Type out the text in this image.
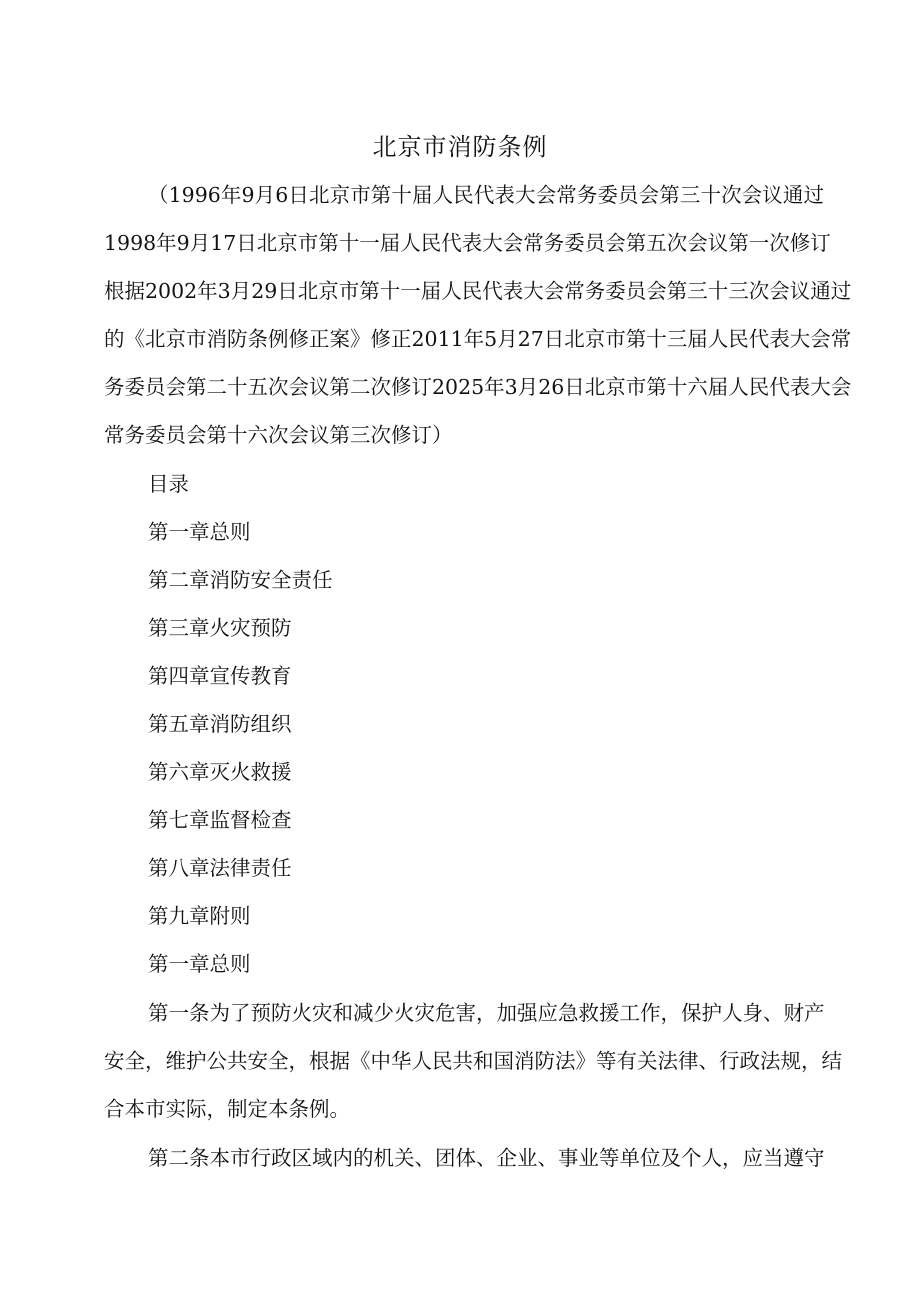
北京市消防条例
（1996年9月6日北京市第十届人民代表大会常务委员会第三十次会议通过
1998年9月17日北京市第十一届人民代表大会常务委员会第五次会议第一次修订
根据2002年3月29日北京市第十一届人民代表大会常务委员会第三十三次会议通过
的《北京市消防条例修正案》修正2011年5月27日北京市第十三届人民代表大会常
务委员会第二十五次会议第二次修订2025年3月26日北京市第十六届人民代表大会
常务委员会第十六次会议第三次修订）
目录
第一章总则
第二章消防安全责任
第三章火灾预防
第四章宣传教育
第五章消防组织
第六章灭火救援
第七章监督检查
第八章法律责任
第九章附则
第一章总则
第一条为了预防火灾和减少火灾危害，加强应急救援工作，保护人身、财产
安全，维护公共安全，根据《中华人民共和国消防法》等有关法律、行政法规，结
合本市实际，制定本条例。
第二条本市行政区域内的机关、团体、企业、事业等单位及个人，应当遵守
